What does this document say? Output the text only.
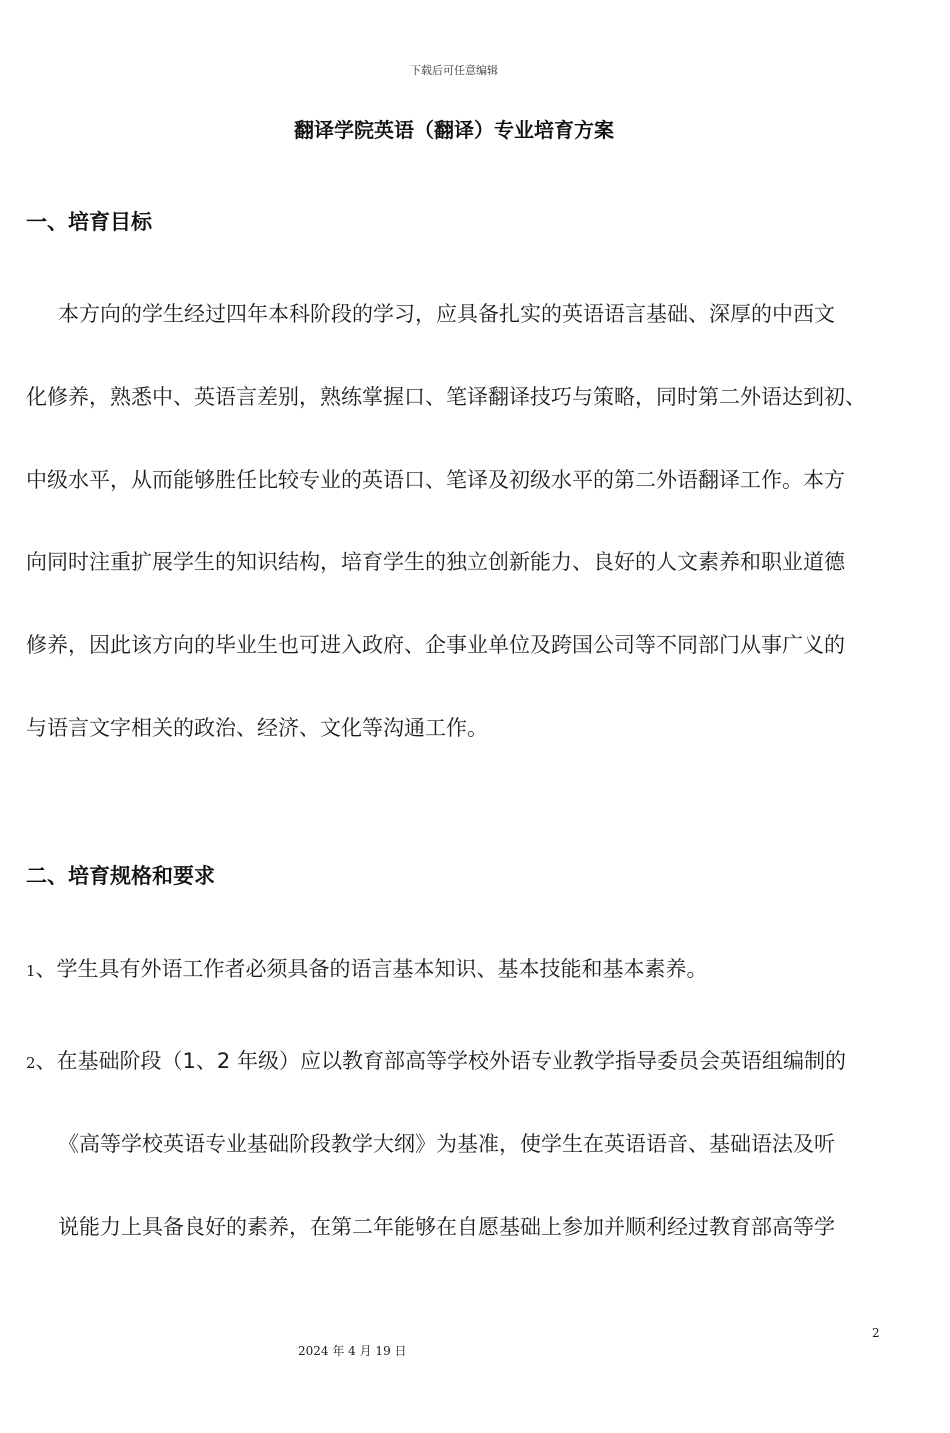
下载后可任意编辑
翻译学院英语（翻译）专业培育方案
一、培育目标
本方向的学生经过四年本科阶段的学习，应具备扎实的英语语言基础、深厚的中西文
化修养，熟悉中、英语言差别，熟练掌握口、笔译翻译技巧与策略，同时第二外语达到初、
中级水平，从而能够胜任比较专业的英语口、笔译及初级水平的第二外语翻译工作。本方
向同时注重扩展学生的知识结构，培育学生的独立创新能力、良好的人文素养和职业道德
修养，因此该方向的毕业生也可进入政府、企事业单位及跨国公司等不同部门从事广义的
与语言文字相关的政治、经济、文化等沟通工作。
二、培育规格和要求
1、学生具有外语工作者必须具备的语言基本知识、基本技能和基本素养。
2、在基础阶段（1、2 年级）应以教育部高等学校外语专业教学指导委员会英语组编制的
《高等学校英语专业基础阶段教学大纲》为基准，使学生在英语语音、基础语法及听
说能力上具备良好的素养，在第二年能够在自愿基础上参加并顺利经过教育部高等学
2
2024 年 4 月 19 日
